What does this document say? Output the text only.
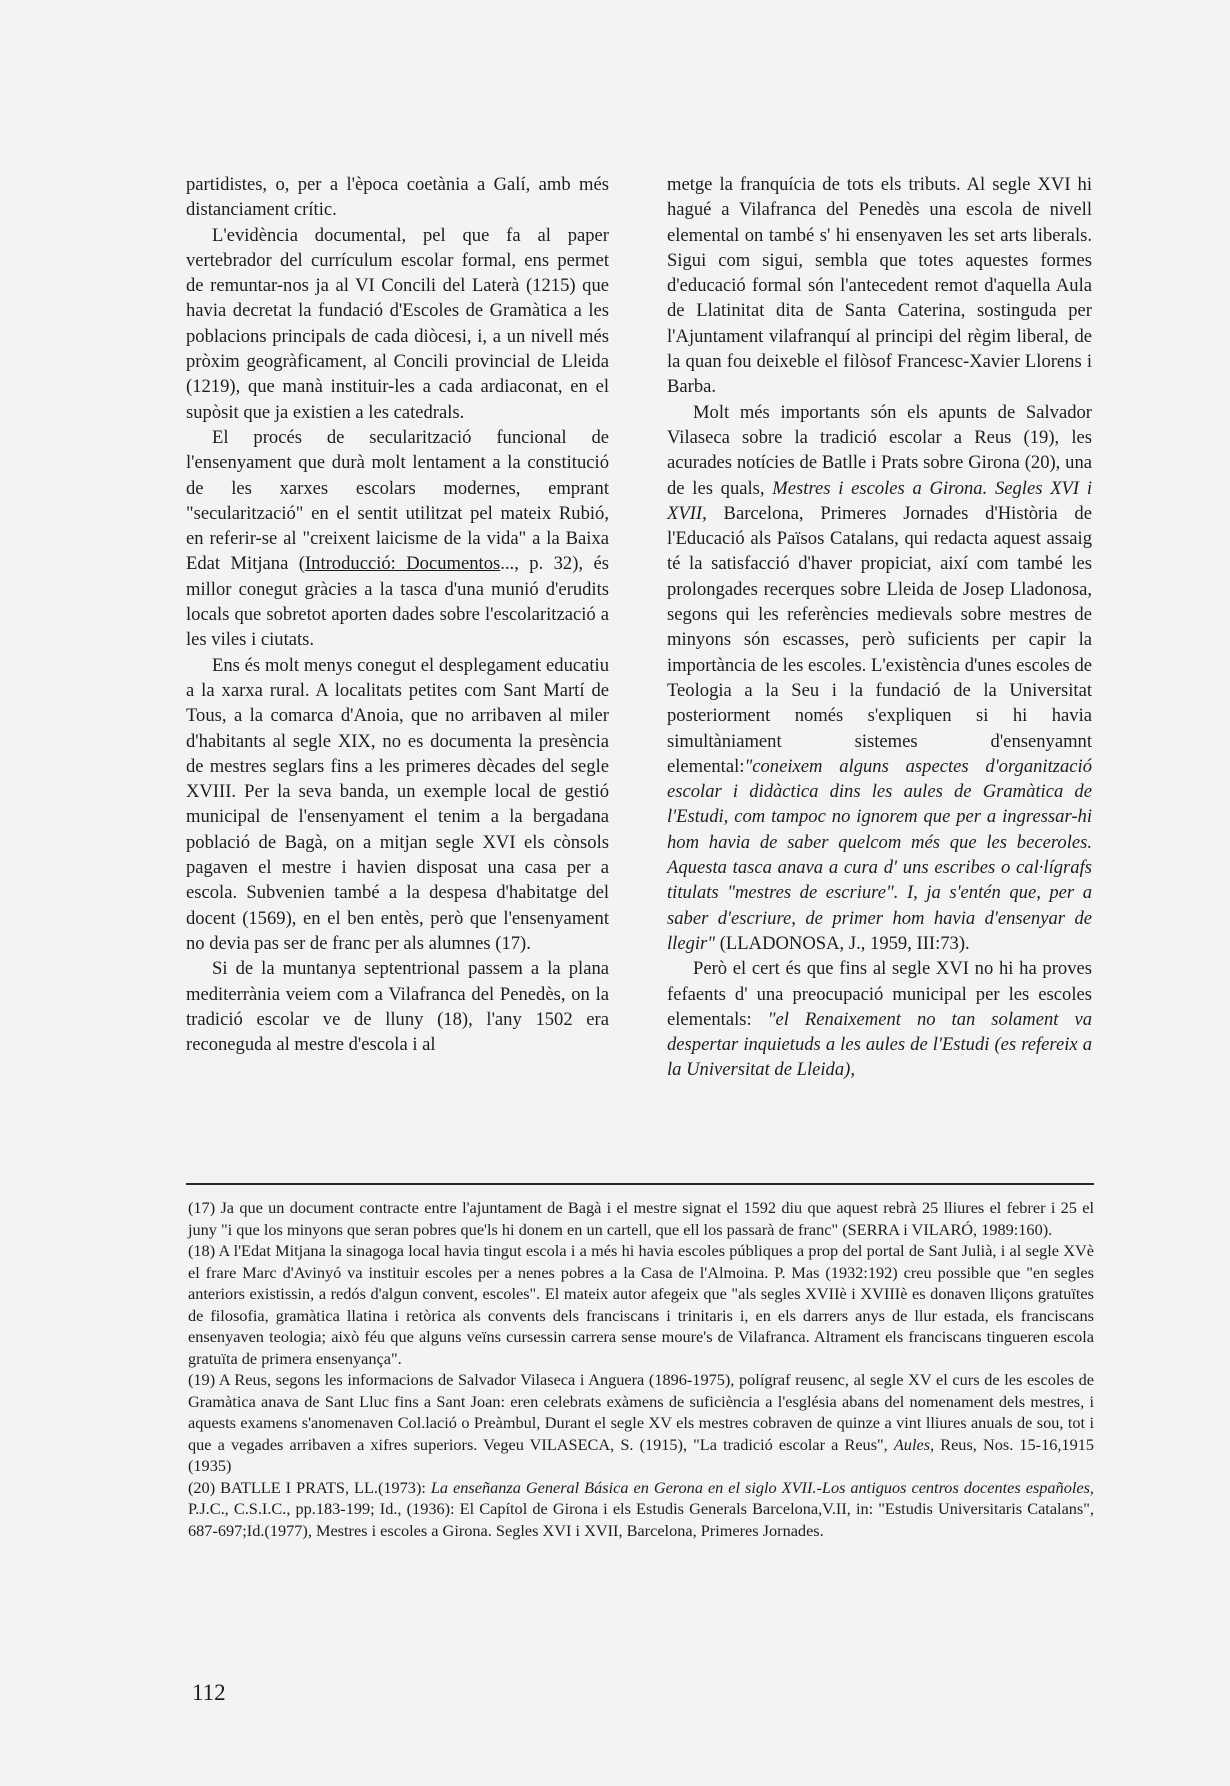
partidistes, o, per a l'època coetània a Galí, amb més distanciament crític.

L'evidència documental, pel que fa al paper vertebrador del currículum escolar formal, ens permet de remuntar-nos ja al VI Concili del Laterà (1215) que havia decretat la fundació d'Escoles de Gramàtica a les poblacions principals de cada diòcesi, i, a un nivell més pròxim geogràficament, al Concili provincial de Lleida (1219), que manà instituir-les a cada ardiaconat, en el supòsit que ja existien a les catedrals.

El procés de secularització funcional de l'ensenyament que durà molt lentament a la constitució de les xarxes escolars modernes, emprant "secularització" en el sentit utilitzat pel mateix Rubió, en referir-se al "creixent laicisme de la vida" a la Baixa Edat Mitjana (Introducció: Documentos..., p. 32), és millor conegut gràcies a la tasca d'una munió d'erudits locals que sobretot aporten dades sobre l'escolarització a les viles i ciutats.

Ens és molt menys conegut el desplegament educatiu a la xarxa rural. A localitats petites com Sant Martí de Tous, a la comarca d'Anoia, que no arribaven al miler d'habitants al segle XIX, no es documenta la presència de mestres seglars fins a les primeres dècades del segle XVIII. Per la seva banda, un exemple local de gestió municipal de l'ensenyament el tenim a la bergadana població de Bagà, on a mitjan segle XVI els cònsols pagaven el mestre i havien disposat una casa per a escola. Subvenien també a la despesa d'habitatge del docent (1569), en el ben entès, però que l'ensenyament no devia pas ser de franc per als alumnes (17).

Si de la muntanya septentrional passem a la plana mediterrània veiem com a Vilafranca del Penedès, on la tradició escolar ve de lluny (18), l'any 1502 era reconeguda al mestre d'escola i al

metge la franquícia de tots els tributs. Al segle XVI hi hagué a Vilafranca del Penedès una escola de nivell elemental on també s' hi ensenyaven les set arts liberals. Sigui com sigui, sembla que totes aquestes formes d'educació formal són l'antecedent remot d'aquella Aula de Llatinitat dita de Santa Caterina, sostinguda per l'Ajuntament vilafranquí al principi del règim liberal, de la quan fou deixeble el filòsof Francesc-Xavier Llorens i Barba.

Molt més importants són els apunts de Salvador Vilaseca sobre la tradició escolar a Reus (19), les acurades notícies de Batlle i Prats sobre Girona (20), una de les quals, Mestres i escoles a Girona. Segles XVI i XVII, Barcelona, Primeres Jornades d'Història de l'Educació als Països Catalans, qui redacta aquest assaig té la satisfacció d'haver propiciat, així com també les prolongades recerques sobre Lleida de Josep Lladonosa, segons qui les referències medievals sobre mestres de minyons són escasses, però suficients per capir la importància de les escoles. L'existència d'unes escoles de Teologia a la Seu i la fundació de la Universitat posteriorment només s'expliquen si hi havia simultàniament sistemes d'ensenyamnt elemental:"coneixem alguns aspectes d'organització escolar i didàctica dins les aules de Gramàtica de l'Estudi, com tampoc no ignorem que per a ingressar-hi hom havia de saber quelcom més que les beceroles. Aquesta tasca anava a cura d' uns escribes o cal·lígrafs titulats "mestres de escriure". I, ja s'entén que, per a saber d'escriure, de primer hom havia d'ensenyar de llegir" (LLADONOSA, J., 1959, III:73).

Però el cert és que fins al segle XVI no hi ha proves fefaents d' una preocupació municipal per les escoles elementals: "el Renaixement no tan solament va despertar inquietuds a les aules de l'Estudi (es refereix a la Universitat de Lleida),

(17) Ja que un document contracte entre l'ajuntament de Bagà i el mestre signat el 1592 diu que aquest rebrà 25 lliures el febrer i 25 el juny "i que los minyons que seran pobres que'ls hi donem en un cartell, que ell los passarà de franc" (SERRA i VILARÓ, 1989:160).

(18) A l'Edat Mitjana la sinagoga local havia tingut escola i a més hi havia escoles públiques a prop del portal de Sant Julià, i al segle XVè el frare Marc d'Avinyó va instituir escoles per a nenes pobres a la Casa de l'Almoina. P. Mas (1932:192) creu possible que "en segles anteriors existissin, a redós d'algun convent, escoles". El mateix autor afegeix que "als segles XVIIè i XVIIIè es donaven lliçons gratuïtes de filosofia, gramàtica llatina i retòrica als convents dels franciscans i trinitaris i, en els darrers anys de llur estada, els franciscans ensenyaven teologia; això féu que alguns veïns cursessin carrera sense moure's de Vilafranca. Altrament els franciscans tingueren escola gratuïta de primera ensenyança".

(19) A Reus, segons les informacions de Salvador Vilaseca i Anguera (1896-1975), polígraf reusenc, al segle XV el curs de les escoles de Gramàtica anava de Sant Lluc fins a Sant Joan: eren celebrats exàmens de suficiència a l'església abans del nomenament dels mestres, i aquests examens s'anomenaven Col.lació o Preàmbul, Durant el segle XV els mestres cobraven de quinze a vint lliures anuals de sou, tot i que a vegades arribaven a xifres superiors. Vegeu VILASECA, S. (1915), "La tradició escolar a Reus", Aules, Reus, Nos. 15-16,1915 (1935)

(20) BATLLE I PRATS, LL.(1973): La enseñanza General Básica en Gerona en el siglo XVII.-Los antiguos centros docentes españoles, P.J.C., C.S.I.C., pp.183-199; Id., (1936): El Capítol de Girona i els Estudis Generals Barcelona,V.II, in: "Estudis Universitaris Catalans", 687-697;Id.(1977), Mestres i escoles a Girona. Segles XVI i XVII, Barcelona, Primeres Jornades.

112
